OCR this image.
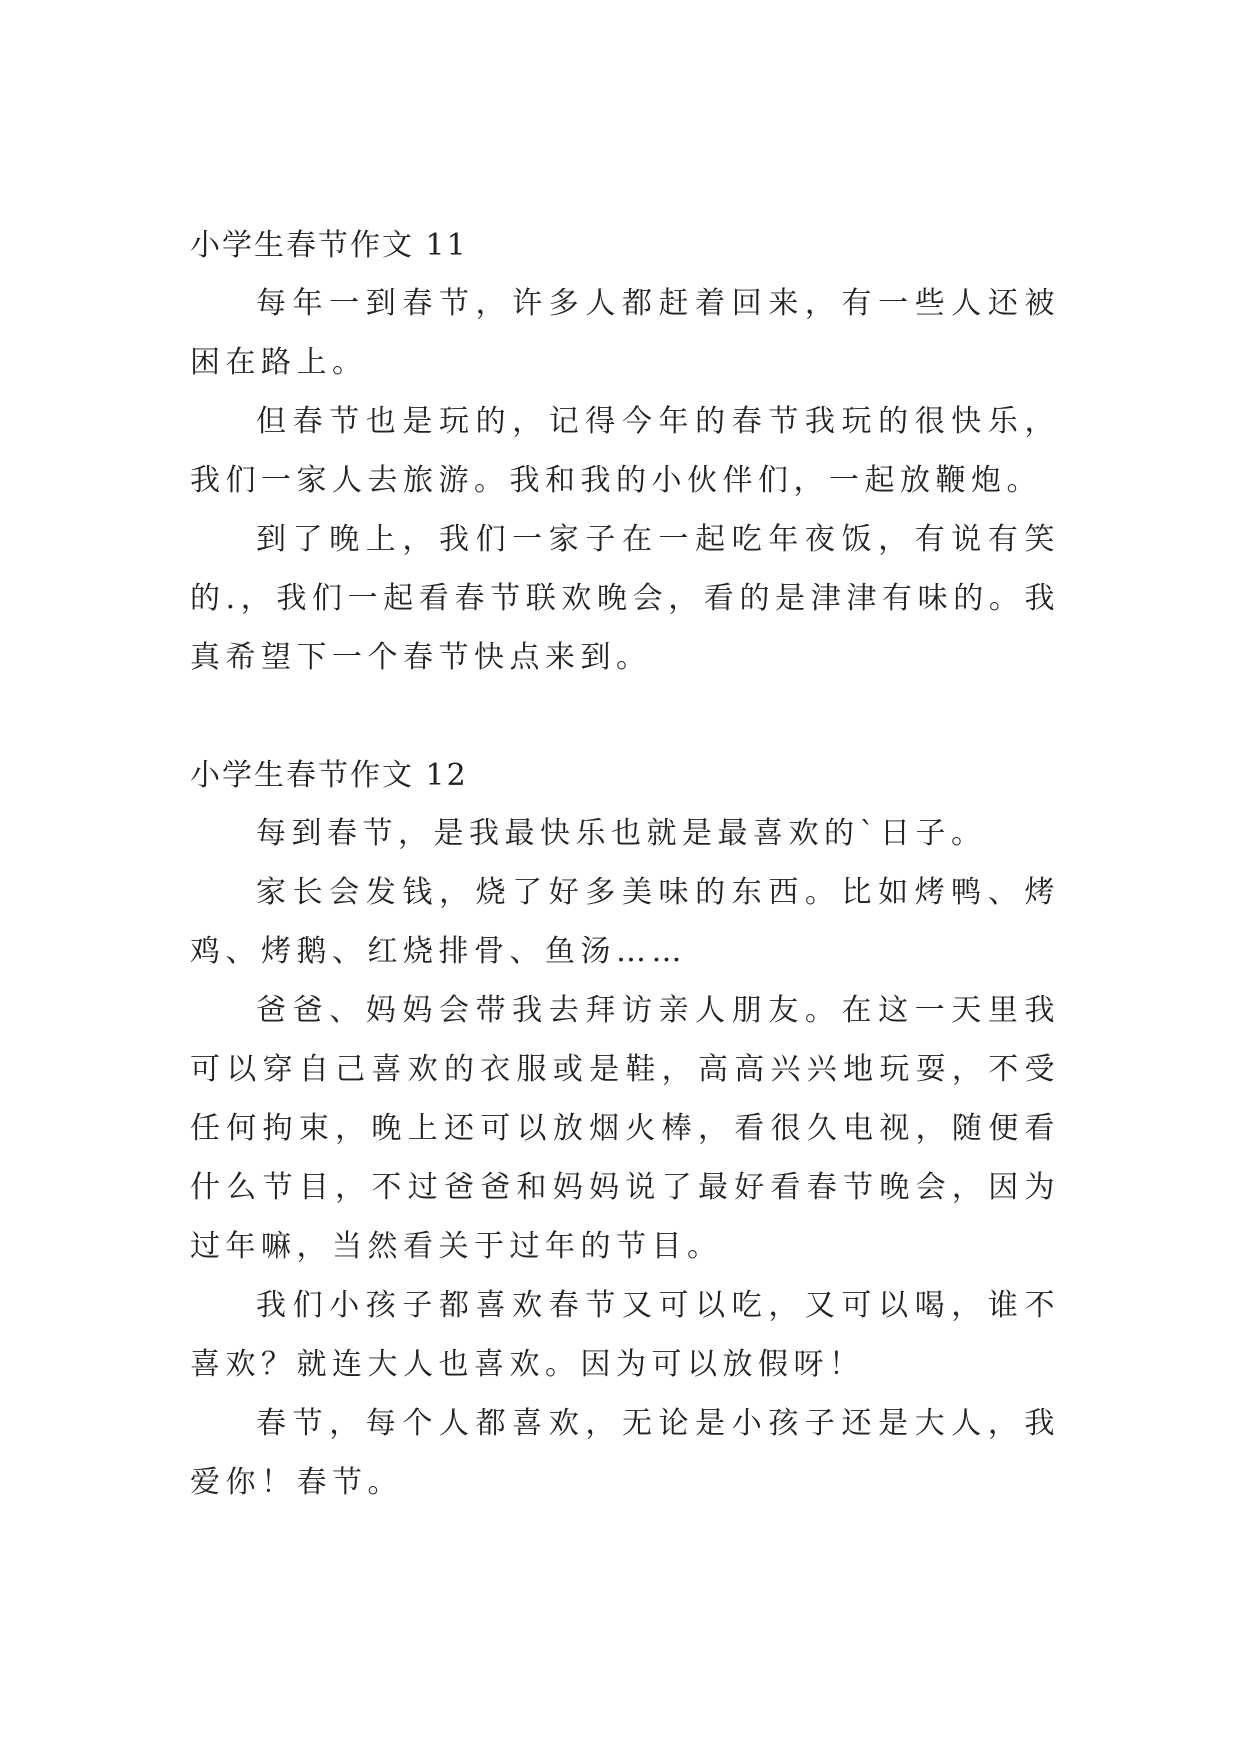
小学生春节作文 11

每年一到春节，许多人都赶着回来，有一些人还被困在路上。

但春节也是玩的，记得今年的春节我玩的很快乐，我们一家人去旅游。我和我的小伙伴们，一起放鞭炮。

到了晚上，我们一家子在一起吃年夜饭，有说有笑的.，我们一起看春节联欢晚会，看的是津津有味的。我真希望下一个春节快点来到。

小学生春节作文 12

每到春节，是我最快乐也就是最喜欢的`日子。

家长会发钱，烧了好多美味的东西。比如烤鸭、烤鸡、烤鹅、红烧排骨、鱼汤……

爸爸、妈妈会带我去拜访亲人朋友。在这一天里我可以穿自己喜欢的衣服或是鞋，高高兴兴地玩耍，不受任何拘束，晚上还可以放烟火棒，看很久电视，随便看什么节目，不过爸爸和妈妈说了最好看春节晚会，因为过年嘛，当然看关于过年的节目。

我们小孩子都喜欢春节又可以吃，又可以喝，谁不喜欢？就连大人也喜欢。因为可以放假呀！

春节，每个人都喜欢，无论是小孩子还是大人，我爱你！春节。
